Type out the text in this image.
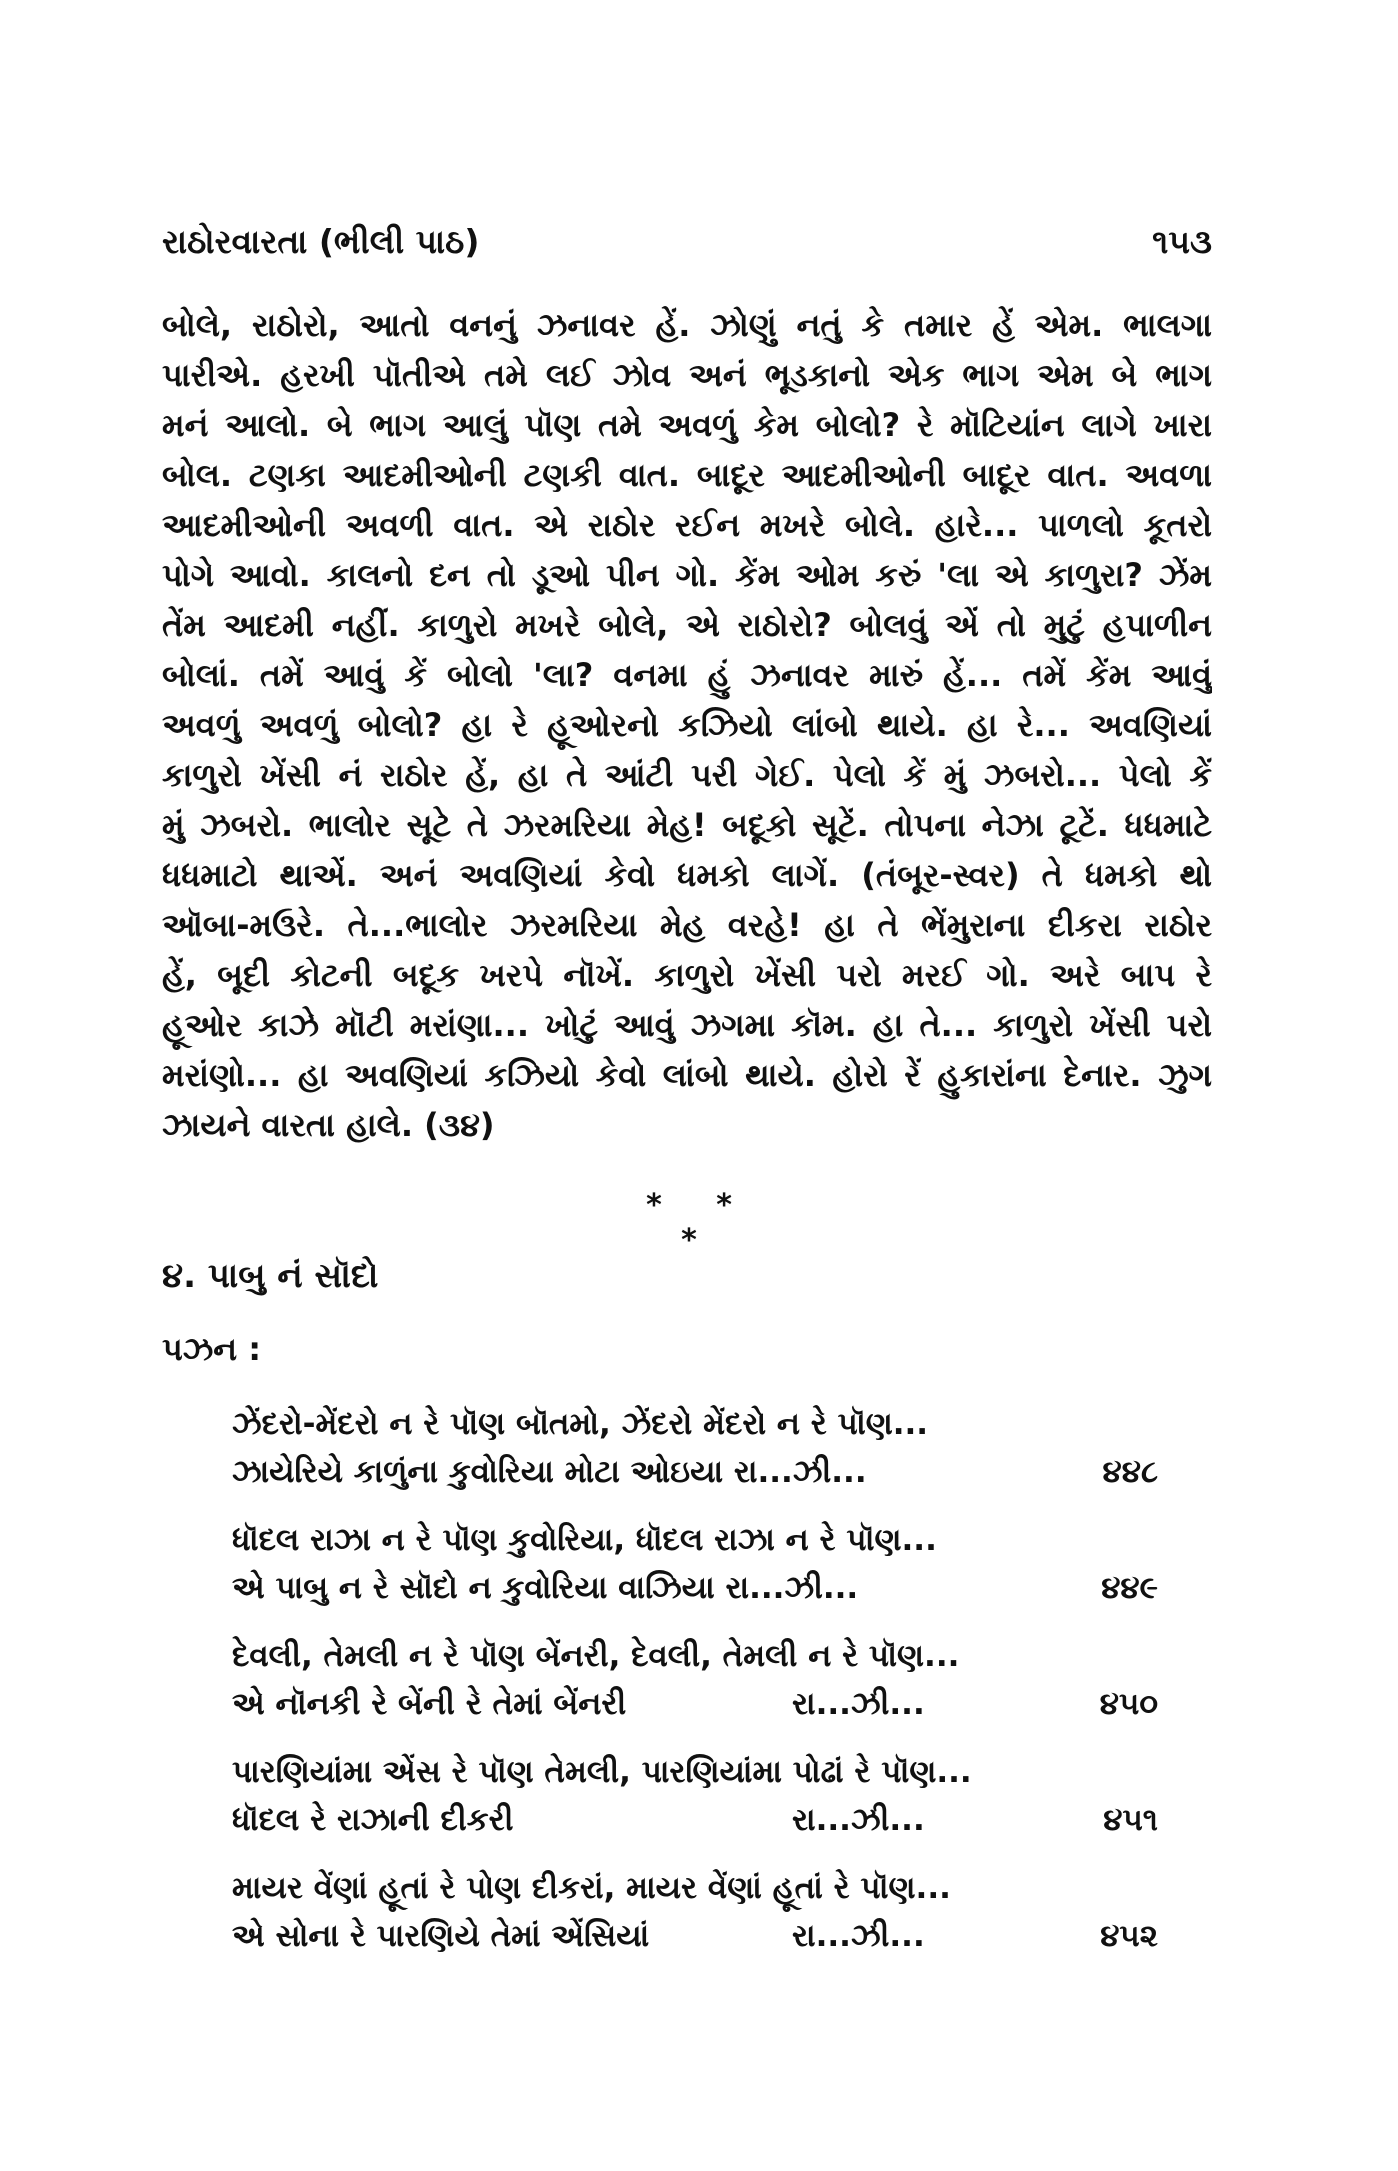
રાઠોરવારતા (ભીલી પાઠ)	૧૫૩

બોલે, રાઠોરો, આતો વનનું ઝનાવર હેં. ઝોણું નતું કે તમાર હેં એમ. ભાલગા
પારીએ. હરખી પૉતીએ તમે લઈ ઝોવ અનં ભૂડકાનો એક ભાગ એમ બે ભાગ
મનં આલો. બે ભાગ આલું પૉણ તમે અવળું કેમ બોલો? રે મૉટિયાંન લાગે ખારા
બોલ. ટણકા આદમીઓની ટણકી વાત. બાદૂર આદમીઓની બાદૂર વાત. અવળા
આદમીઓની અવળી વાત. એ રાઠોર રઈન મખરે બોલે. હારે... પાળલો કૂતરો
પોગે આવો. કાલનો દન તો ડૂઓ પીન ગો. કેંમ ઓમ કરું 'લા એ કાળુરા? ઝેંમ
તેંમ આદમી નહીં. કાળુરો મખરે બોલે, એ રાઠોરો? બોલવું એં તો મુટું હપાળીન
બોલાં. તમેં આવું કેં બોલો 'લા? વનમા હું ઝનાવર મારું હેં... તમેં કેંમ આવું
અવળું અવળું બોલો? હા રે હૂઓરનો કઝિયો લાંબો થાયે. હા રે... અવણિયાં
કાળુરો ખેંસી નં રાઠોર હેં, હા તે આંટી પરી ગેઈ. પેલો કેં મું ઝબરો... પેલો કેં
મું ઝબરો. ભાલોર સૂટે તે ઝરમરિયા મેહ! બદૂકો સૂટેં. તોપના નેઝા ટૂટેં. ધધમાટે
ધધમાટો થાએં. અનં અવણિયાં કેવો ધમકો લાગેં. (તંબૂર-સ્વર) તે ધમકો થો
ઑબા-મઉરે. તે...ભાલોર ઝરમરિયા મેહ વરહે! હા તે ભેંમુરાના દીકરા રાઠોર
હેં, બૂદી કોટની બદૂક ખરપે નૉખેં. કાળુરો ખેંસી પરો મરઈ ગો. અરે બાપ રે
હૂઓર કાઝે મૉટી મરાંણા... ખોટું આવું ઝગમા કૉમ. હા તે... કાળુરો ખેંસી પરો
મરાંણો... હા અવણિયાં કઝિયો કેવો લાંબો થાયે. હોરો રેં હુકારાંના દેનાર. ઝુગ
ઝાયને વારતા હાલે. (૩૪)

* * *
૪. પાબુ નં સૉદો
પઝન :
ઝેંદરો-મેંદરો ન રે પૉણ બૉતમો, ઝેંદરો મેંદરો ન રે પૉણ...
ઝાયેરિયે કાળુંના કુવોરિયા મોટા ઓઇયા રા...ઝી...	૪૪૮
ધૉદલ રાઝા ન રે પૉણ કુવોરિયા, ધૉદલ રાઝા ન રે પૉણ...
એ પાબુ ન રે સૉદો ન કુવોરિયા વાઝિયા રા...ઝી...	૪૪૯
દેવલી, તેમલી ન રે પૉણ બેંનરી, દેવલી, તેમલી ન રે પૉણ...
એ નૉનકી રે બેંની રે તેમાં બેંનરી	રા...ઝી...	૪૫૦
પારણિયાંમા એંસ રે પૉણ તેમલી, પારણિયાંમા પોઢાં રે પૉણ...
ધૉદલ રે રાઝાની દીકરી	રા...ઝી...	૪૫૧
માયર વેંણાં હૂતાં રે પોણ દીકરાં, માયર વેંણાં હૂતાં રે પૉણ...
એ સોના રે પારણિયે તેમાં એંસિયાં	રા...ઝી...	૪૫૨
